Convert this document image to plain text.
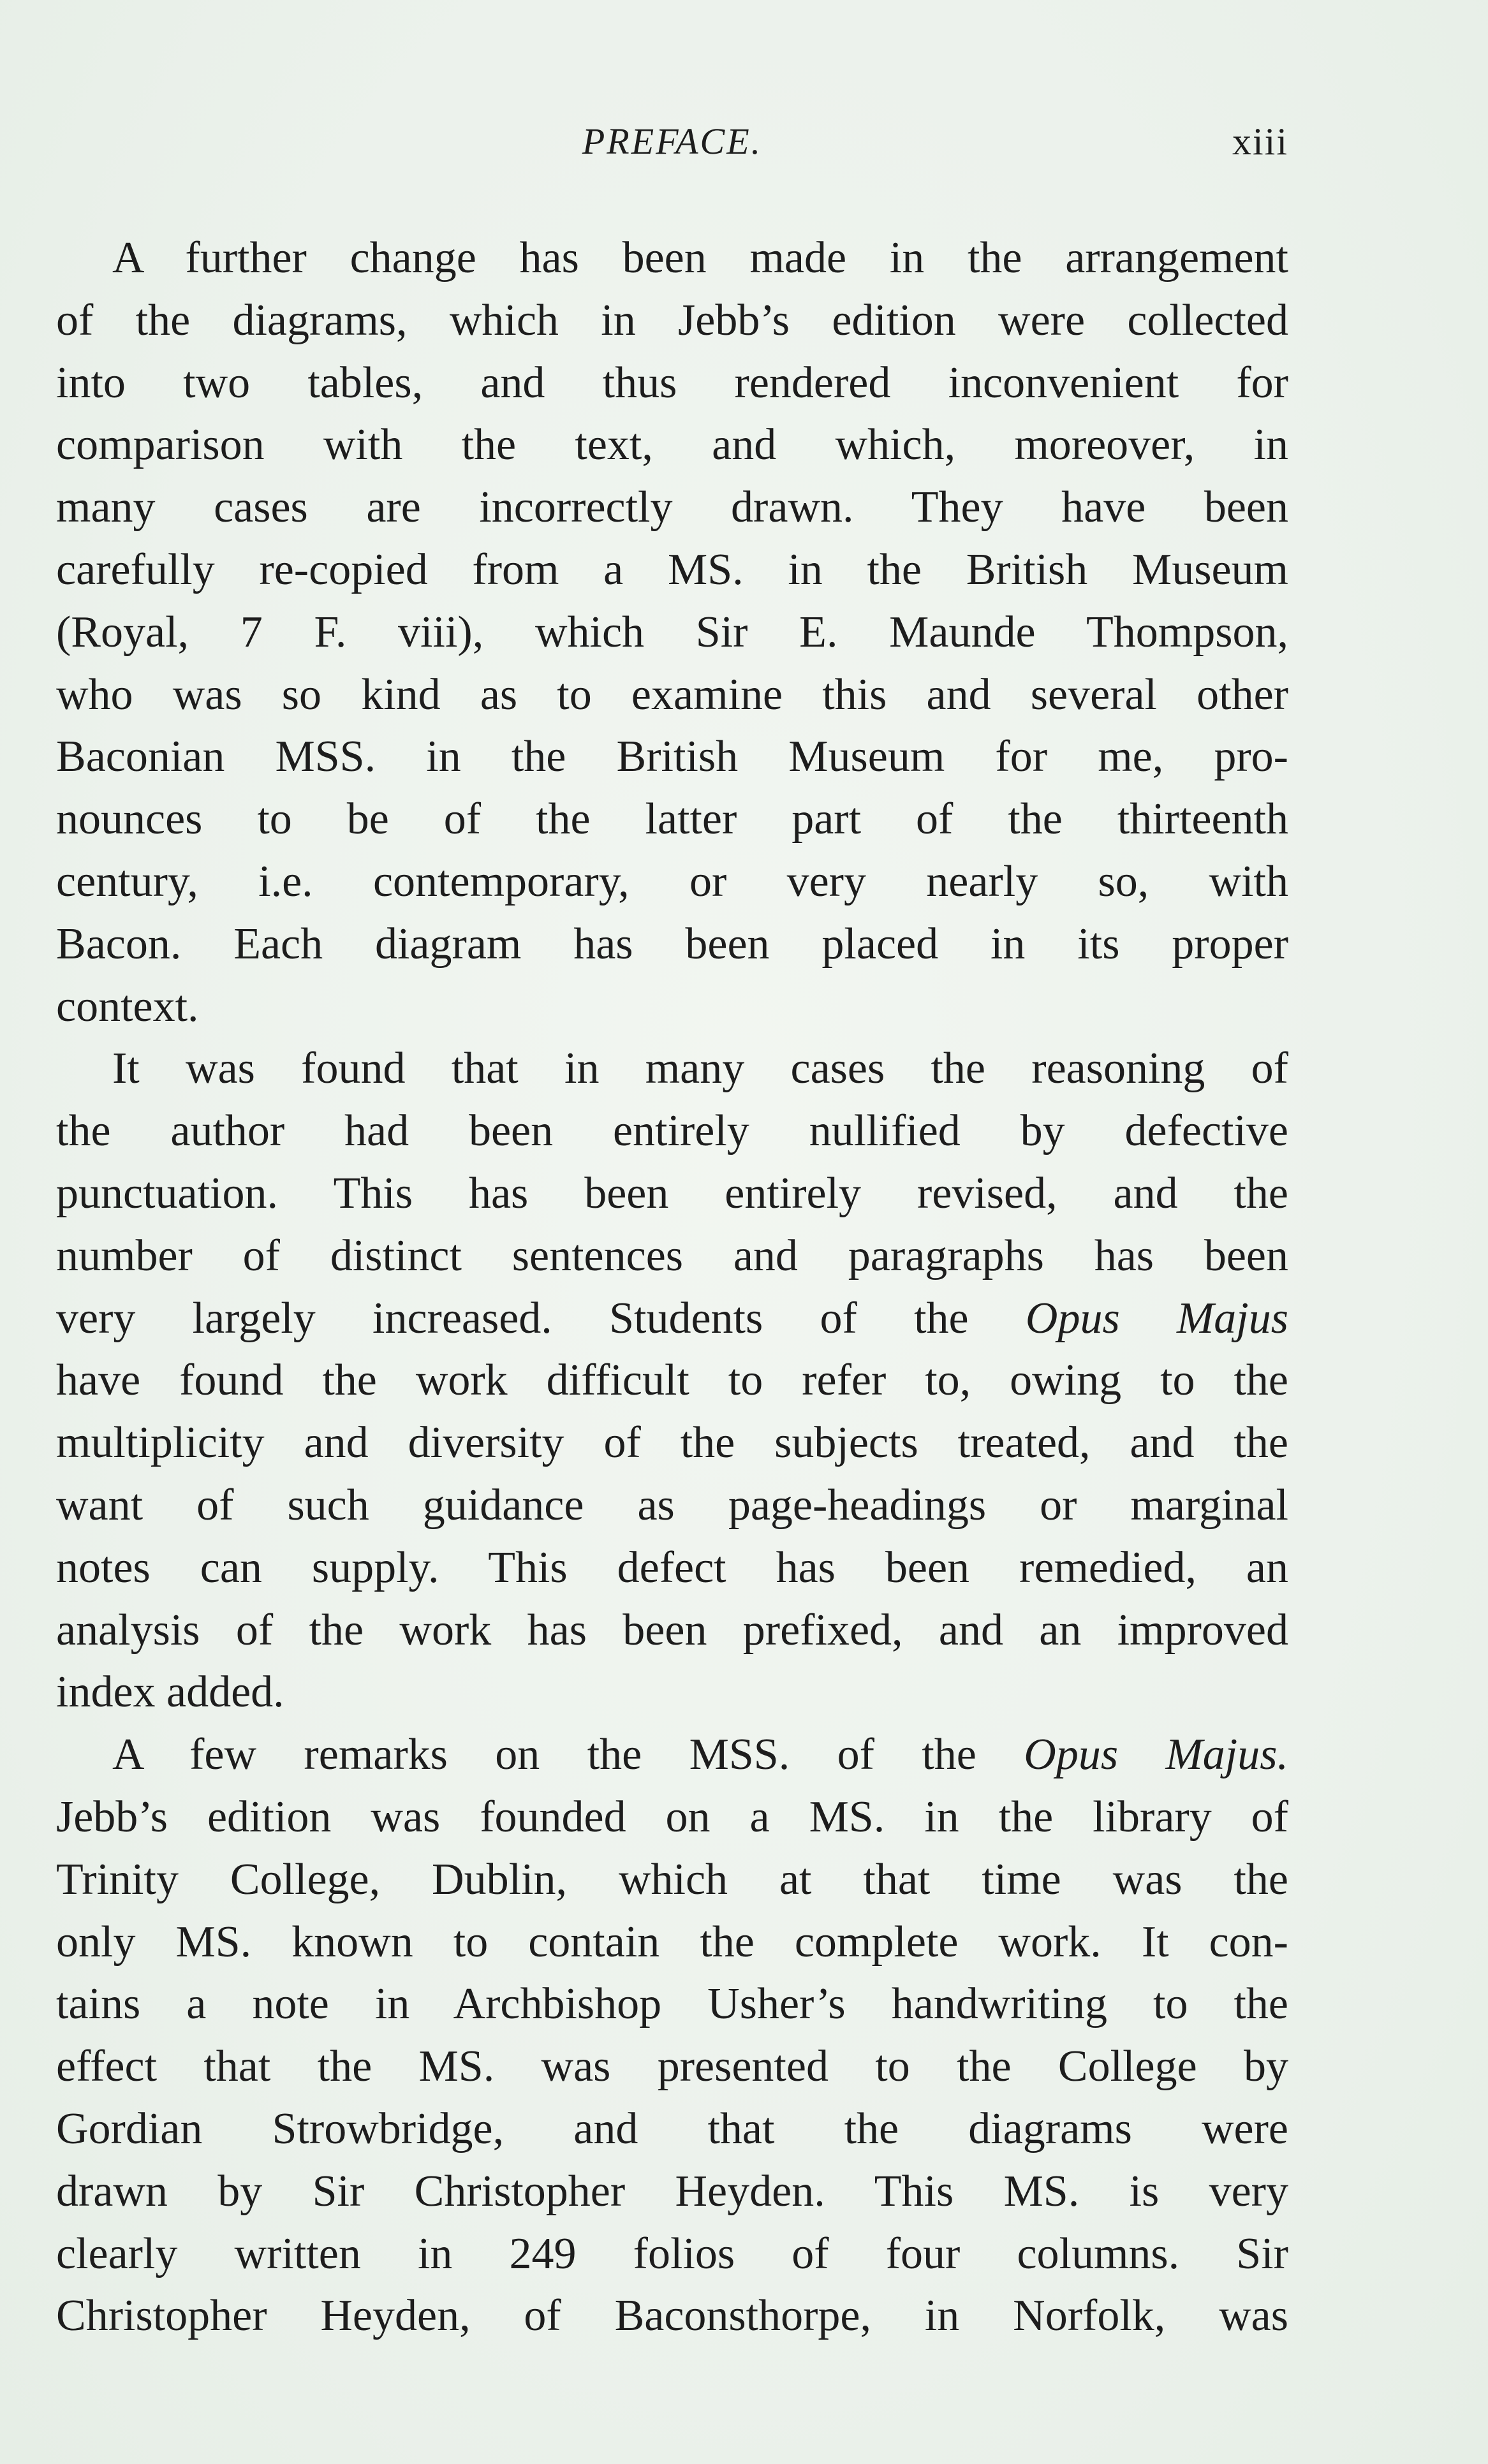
PREFACE.	xiii
A further change has been made in the arrangement
of the diagrams, which in Jebb’s edition were collected
into two tables, and thus rendered inconvenient for
comparison with the text, and which, moreover, in
many cases are incorrectly drawn. They have been
carefully re-copied from a MS. in the British Museum
(Royal, 7 F. viii), which Sir E. Maunde Thompson,
who was so kind as to examine this and several other
Baconian MSS. in the British Museum for me, pro-
nounces to be of the latter part of the thirteenth
century, i.e. contemporary, or very nearly so, with
Bacon. Each diagram has been placed in its proper
context.
It was found that in many cases the reasoning of
the author had been entirely nullified by defective
punctuation. This has been entirely revised, and the
number of distinct sentences and paragraphs has been
very largely increased. Students of the Opus Majus
have found the work difficult to refer to, owing to the
multiplicity and diversity of the subjects treated, and the
want of such guidance as page-headings or marginal
notes can supply. This defect has been remedied, an
analysis of the work has been prefixed, and an improved
index added.
A few remarks on the MSS. of the Opus Majus.
Jebb’s edition was founded on a MS. in the library of
Trinity College, Dublin, which at that time was the
only MS. known to contain the complete work. It con-
tains a note in Archbishop Usher’s handwriting to the
effect that the MS. was presented to the College by
Gordian Strowbridge, and that the diagrams were
drawn by Sir Christopher Heyden. This MS. is very
clearly written in 249 folios of four columns. Sir
Christopher Heyden, of Baconsthorpe, in Norfolk, was
